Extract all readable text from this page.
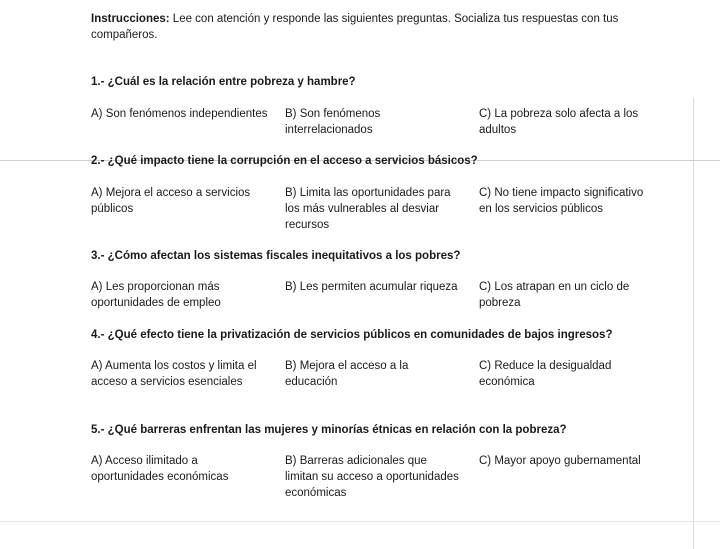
Instrucciones: Lee con atención y responde las siguientes preguntas. Socializa tus respuestas con tus compañeros.
1.- ¿Cuál es la relación entre pobreza y hambre?
A) Son fenómenos independientes B) Son fenómenos interrelacionados
C) La pobreza solo afecta a los adultos
2.- ¿Qué impacto tiene la corrupción en el acceso a servicios básicos?
A) Mejora el acceso a servicios públicos
B) Limita las oportunidades para los más vulnerables al desviar recursos
C) No tiene impacto significativo en los servicios públicos
3.- ¿Cómo afectan los sistemas fiscales inequitativos a los pobres?
A) Les proporcionan más oportunidades de empleo
B) Les permiten acumular riqueza	C) Los atrapan en un ciclo de pobreza
4.- ¿Qué efecto tiene la privatización de servicios públicos en comunidades de bajos ingresos?
A) Aumenta los costos y limita el acceso a servicios esenciales
B) Mejora el acceso a la educación
C) Reduce la desigualdad económica
5.- ¿Qué barreras enfrentan las mujeres y minorías étnicas en relación con la pobreza?
A) Acceso ilimitado a oportunidades económicas
B) Barreras adicionales que limitan su acceso a oportunidades económicas
C) Mayor apoyo gubernamental
